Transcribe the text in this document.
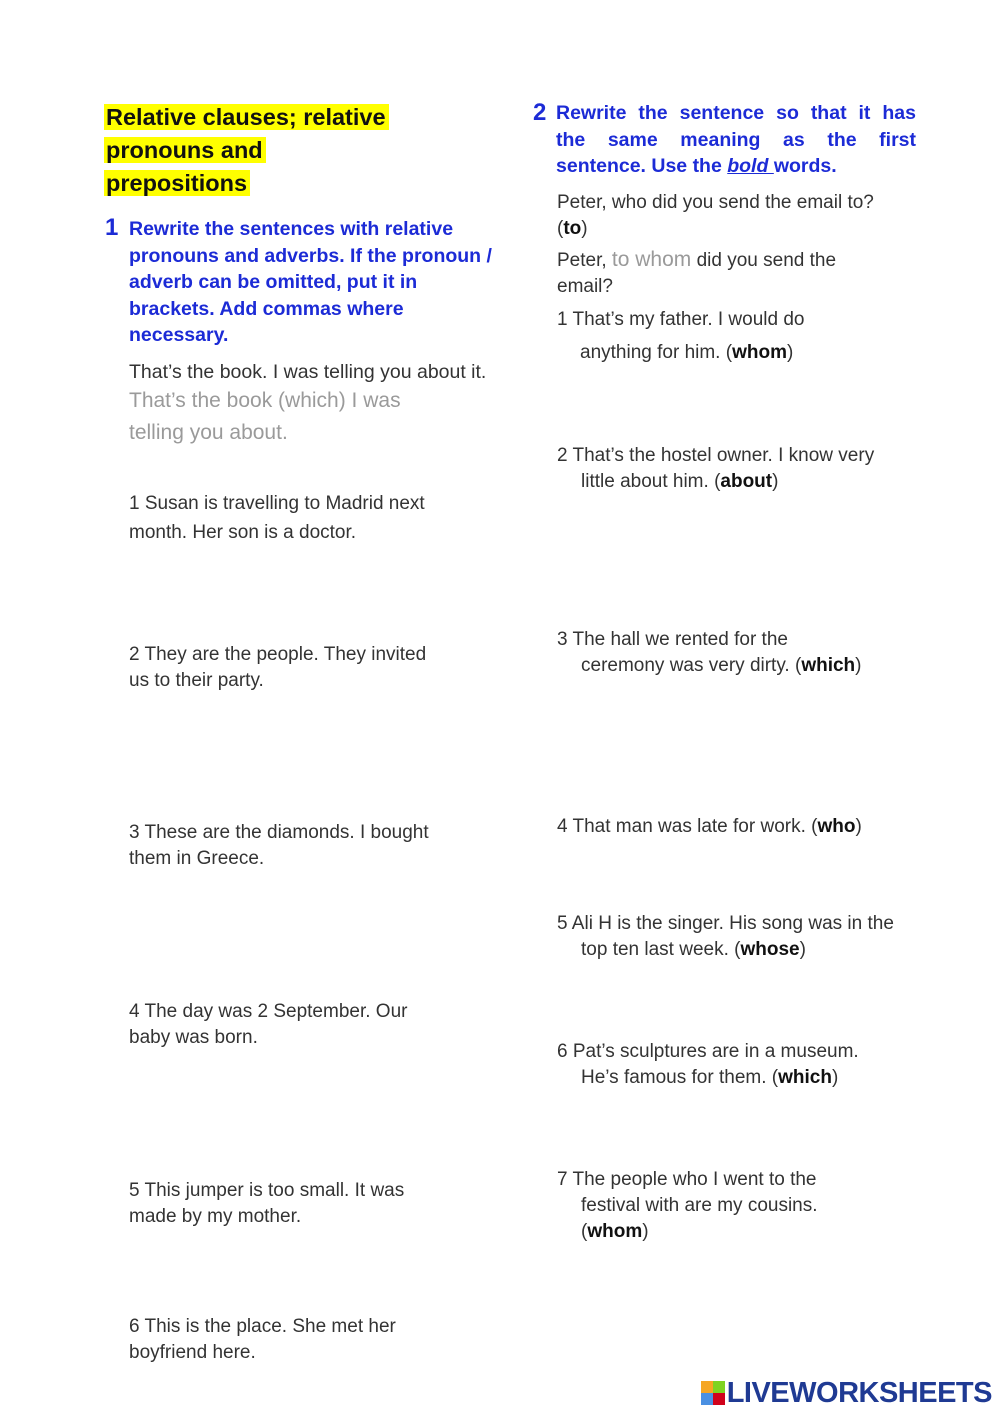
Relative clauses; relative
pronouns and
prepositions
1 Rewrite the sentences with relative pronouns and adverbs. If the pronoun / adverb can be omitted, put it in brackets. Add commas where necessary.
That’s the book. I was telling you about it.
That’s the book (which) I was
telling you about.
1 Susan is travelling to Madrid next
month. Her son is a doctor.
2 They are the people. They invited
us to their party.
3 These are the diamonds. I bought
them in Greece.
4 The day was 2 September. Our
baby was born.
5 This jumper is too small. It was
made by my mother.
6 This is the place. She met her
boyfriend here.
2 Rewrite the sentence so that it has
the same meaning as the first
sentence. Use the bold words.
Peter, who did you send the email to?
(to)
Peter, to whom did you send the
email?
1 That’s my father. I would do
anything for him. (whom)
2 That’s the hostel owner. I know very
little about him. (about)
3 The hall we rented for the
ceremony was very dirty. (which)
4 That man was late for work. (who)
5 Ali H is the singer. His song was in the
top ten last week. (whose)
6 Pat’s sculptures are in a museum.
He’s famous for them. (which)
7 The people who I went to the
festival with are my cousins.
(whom)
LIVEWORKSHEETS
